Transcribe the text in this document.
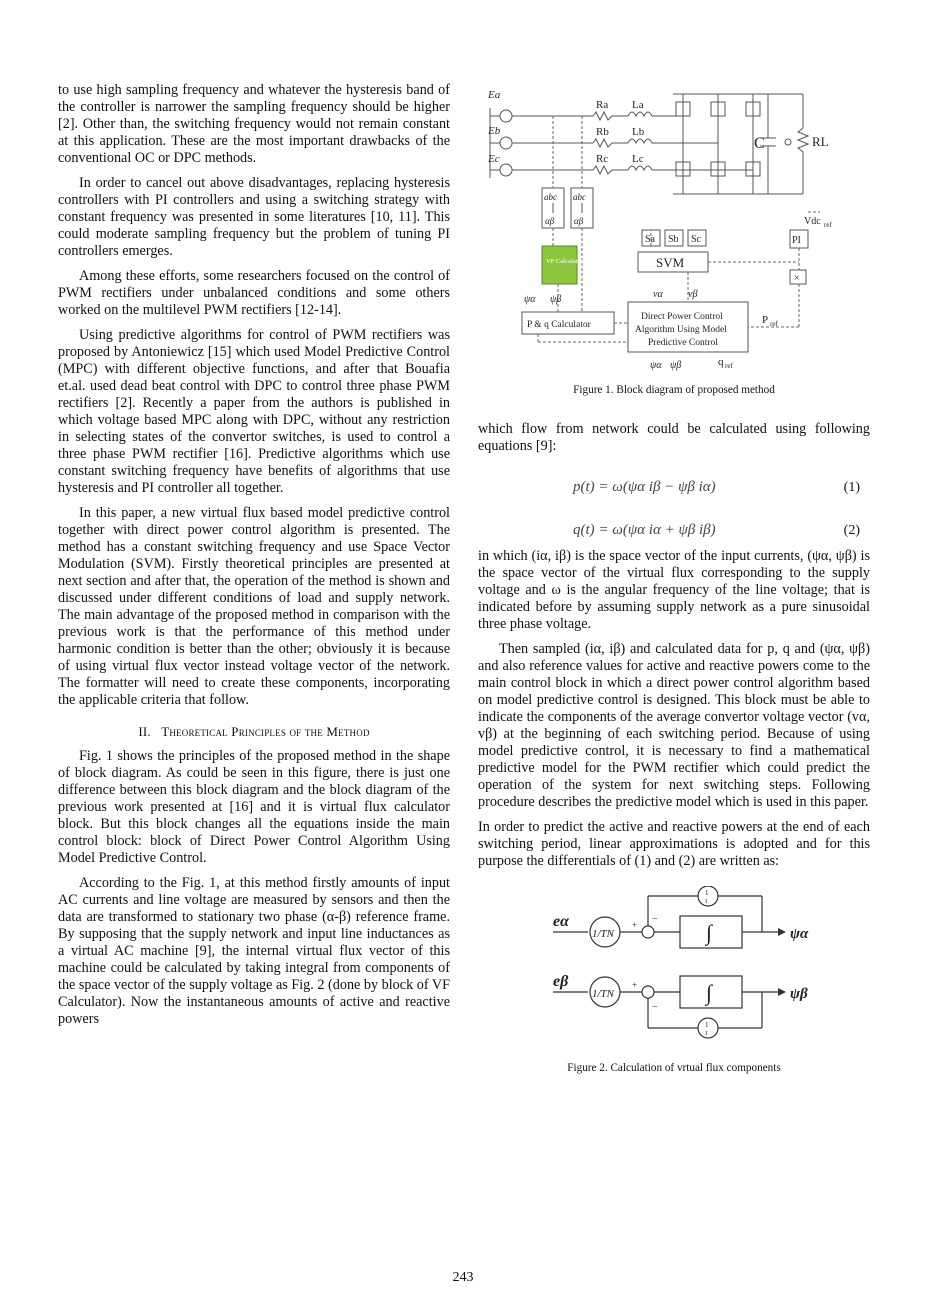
to use high sampling frequency and whatever the hysteresis band of the controller is narrower the sampling frequency should be higher [2]. Other than, the switching frequency would not remain constant at this application. These are the most important drawbacks of the conventional OC or DPC methods.

In order to cancel out above disadvantages, replacing hysteresis controllers with PI controllers and using a switching strategy with constant frequency was presented in some literatures [10, 11]. This could moderate sampling frequency but the problem of tuning PI controllers emerges.

Among these efforts, some researchers focused on the control of PWM rectifiers under unbalanced conditions and some others worked on the multilevel PWM rectifiers [12-14].

Using predictive algorithms for control of PWM rectifiers was proposed by Antoniewicz [15] which used Model Predictive Control (MPC) with different objective functions, and after that Bouafia et.al. used dead beat control with DPC to control three phase PWM rectifiers [2]. Recently a paper from the authors is published in which voltage based MPC along with DPC, without any restriction in selecting states of the convertor switches, is used to control a three phase PWM rectifier [16]. Predictive algorithms which use constant switching frequency have benefits of algorithms that use hysteresis and PI controller all together.

In this paper, a new virtual flux based model predictive control together with direct power control algorithm is presented. The method has a constant switching frequency and use Space Vector Modulation (SVM). Firstly theoretical principles are presented at next section and after that, the operation of the method is shown and discussed under different conditions of load and supply network. The main advantage of the proposed method in comparison with the previous work is that the performance of this method under harmonic condition is better than the other; obviously it is because of using virtual flux vector instead voltage vector of the network. The formatter will need to create these components, incorporating the applicable criteria that follow.

II. Theoretical Principles of the Method

Fig. 1 shows the principles of the proposed method in the shape of block diagram. As could be seen in this figure, there is just one difference between this block diagram and the block diagram of the previous work presented at [16] and it is virtual flux calculator block. But this block changes all the equations inside the main control block: block of Direct Power Control Algorithm Using Model Predictive Control.

According to the Fig. 1, at this method firstly amounts of input AC currents and line voltage are measured by sensors and then the data are transformed to stationary two phase (α-β) reference frame. By supposing that the supply network and input line inductances as a virtual AC machine [9], the internal virtual flux vector of this machine could be calculated by taking integral from components of the space vector of the supply voltage as Fig. 2 (done by block of VF Calculator). Now the instantaneous amounts of active and reactive powers

Ea
Eb
Ec
Ra
Rb
Rc
La
Lb
Lc
C	RL
abc abc
αβ αβ
VF Calculator
Sa Sb Sc
SVM
PI
Vdc ref
×
P & q Calculator
Direct Power Control
Algorithm Using Model
Predictive Control
P ref
q ref
ψα ψβ	vα	vβ
ψα ψβ
Figure 1. Block diagram of proposed method

which flow from network could be calculated using following equations [9]:

p(t) = ω(ψα iβ − ψβ iα)	(1)
q(t) = ω(ψα iα + ψβ iβ)	(2)

in which (iα, iβ) is the space vector of the input currents, (ψα, ψβ) is the space vector of the virtual flux corresponding to the supply voltage and ω is the angular frequency of the line voltage; that is indicated before by assuming supply network as a pure sinusoidal three phase voltage.

Then sampled (iα, iβ) and calculated data for p, q and (ψα, ψβ) and also reference values for active and reactive powers come to the main control block in which a direct power control algorithm based on model predictive control is designed. This block must be able to indicate the components of the average convertor voltage vector (vα, vβ) at the beginning of each switching period. Because of using model predictive control, it is necessary to find a mathematical predictive model for the PWM rectifier which could predict the operation of the system for next switching steps. Following procedure describes the predictive model which is used in this paper.

In order to predict the active and reactive powers at the end of each switching period, linear approximations is adopted and for this purpose the differentials of (1) and (2) are written as:

eα
eβ
1/TN
1/TN
∫
∫
ψα
ψβ
1
τ
1
τ
+ −
+
−
Figure 2. Calculation of vrtual flux components
243
